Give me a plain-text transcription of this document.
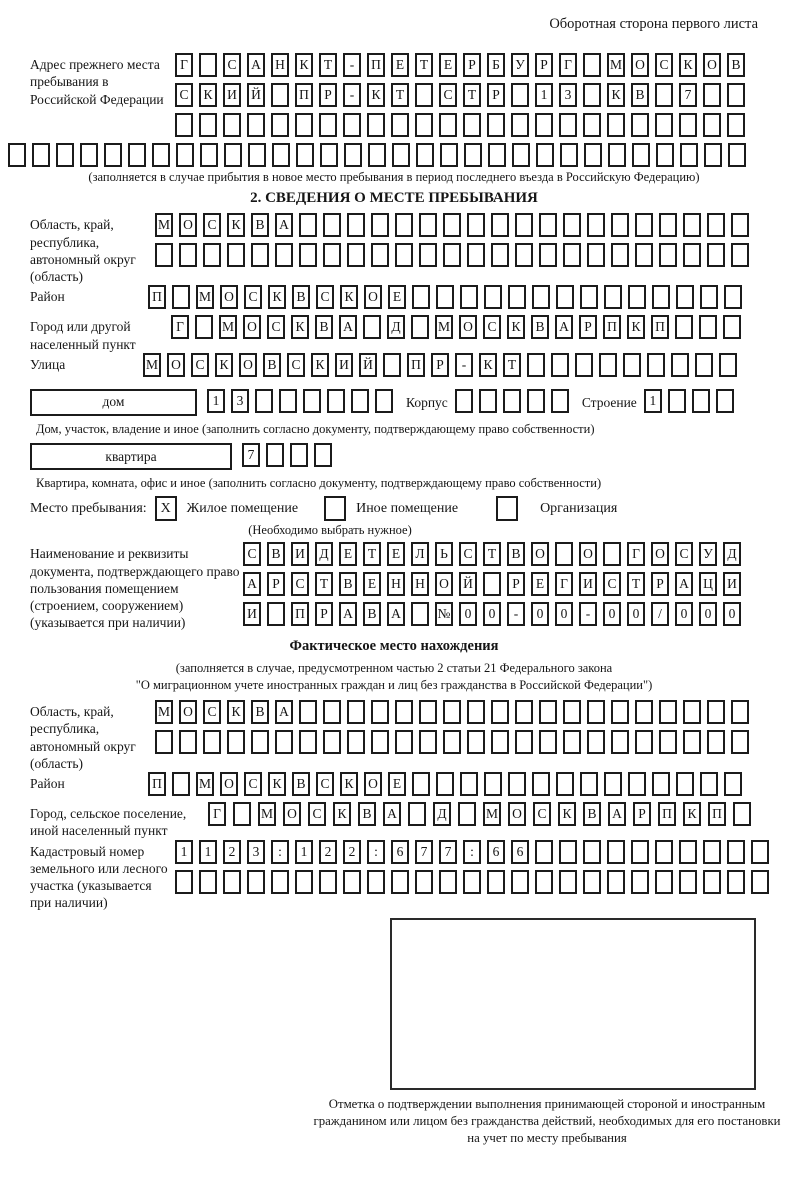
Оборотная сторона первого листа
Адрес прежнего места пребывания в Российской Федерации
Г	С	А	Н	К	Т	-	П	Е	Т	Е	Р	Б	У	Р	Г	М О	С	К	О	В
С	К	И	Й	П	Р	-	К	Т	С	Т	Р	1	3	К	В	7
(заполняется в случае прибытия в новое место пребывания в период последнего въезда в Российскую Федерацию)
2. СВЕДЕНИЯ О МЕСТЕ ПРЕБЫВАНИЯ
Область, край, республика, автономный округ (область)
М О	С	К	В	А
Район	П	М О	С	К	В	С	К	О	Е
Город или другой населенный пункт
Г	М О	С	К	В	А	Д	М О	С	К	В	А	Р	П	К	П
Улица	М О	С	К	О	В	С	К	И	Й	П	Р	-	К	Т
дом	1	3	Корпус	Строение 1
Дом, участок, владение и иное (заполнить согласно документу, подтверждающему право собственности)
квартира	7
Квартира, комната, офис и иное (заполнить согласно документу, подтверждающему право собственности)
Место пребывания: X	Жилое помещение	Иное помещение	Организация
(Необходимо выбрать нужное)
Наименование и реквизиты документа, подтверждающего право пользования помещением (строением, сооружением) (указывается при наличии)
С	В	И	Д	Е	Т	Е	Л	Ь	С	Т	В	О	О	Г	О	С	У	Д
А	Р	С	Т	В	Е	Н	Н	О	Й	Р	Е	Г	И	С	Т	Р	А	Ц	И
И	П	Р	А	В	А	№	0	0	-	0	0	-	0	0	/	0	0	0
Фактическое место нахождения
(заполняется в случае, предусмотренном частью 2 статьи 21 Федерального закона
"О миграционном учете иностранных граждан и лиц без гражданства в Российской Федерации")
Область, край, республика, автономный округ (область)
М О	С	К	В	А
Район	П	М О	С	К	В	С	К	О	Е
Город, сельское поселение, иной населенный пункт
Г	М	О	С	К	В	А	Д	М	О	С	К	В	А	Р	П	К	П
Кадастровый номер земельного или лесного участка (указывается при наличии)
1	1	2	3	:	1	2	2	:	6	7	7	:	6	6
Отметка о подтверждении выполнения принимающей стороной и иностранным гражданином или лицом без гражданства действий, необходимых для его постановки на учет по месту пребывания
